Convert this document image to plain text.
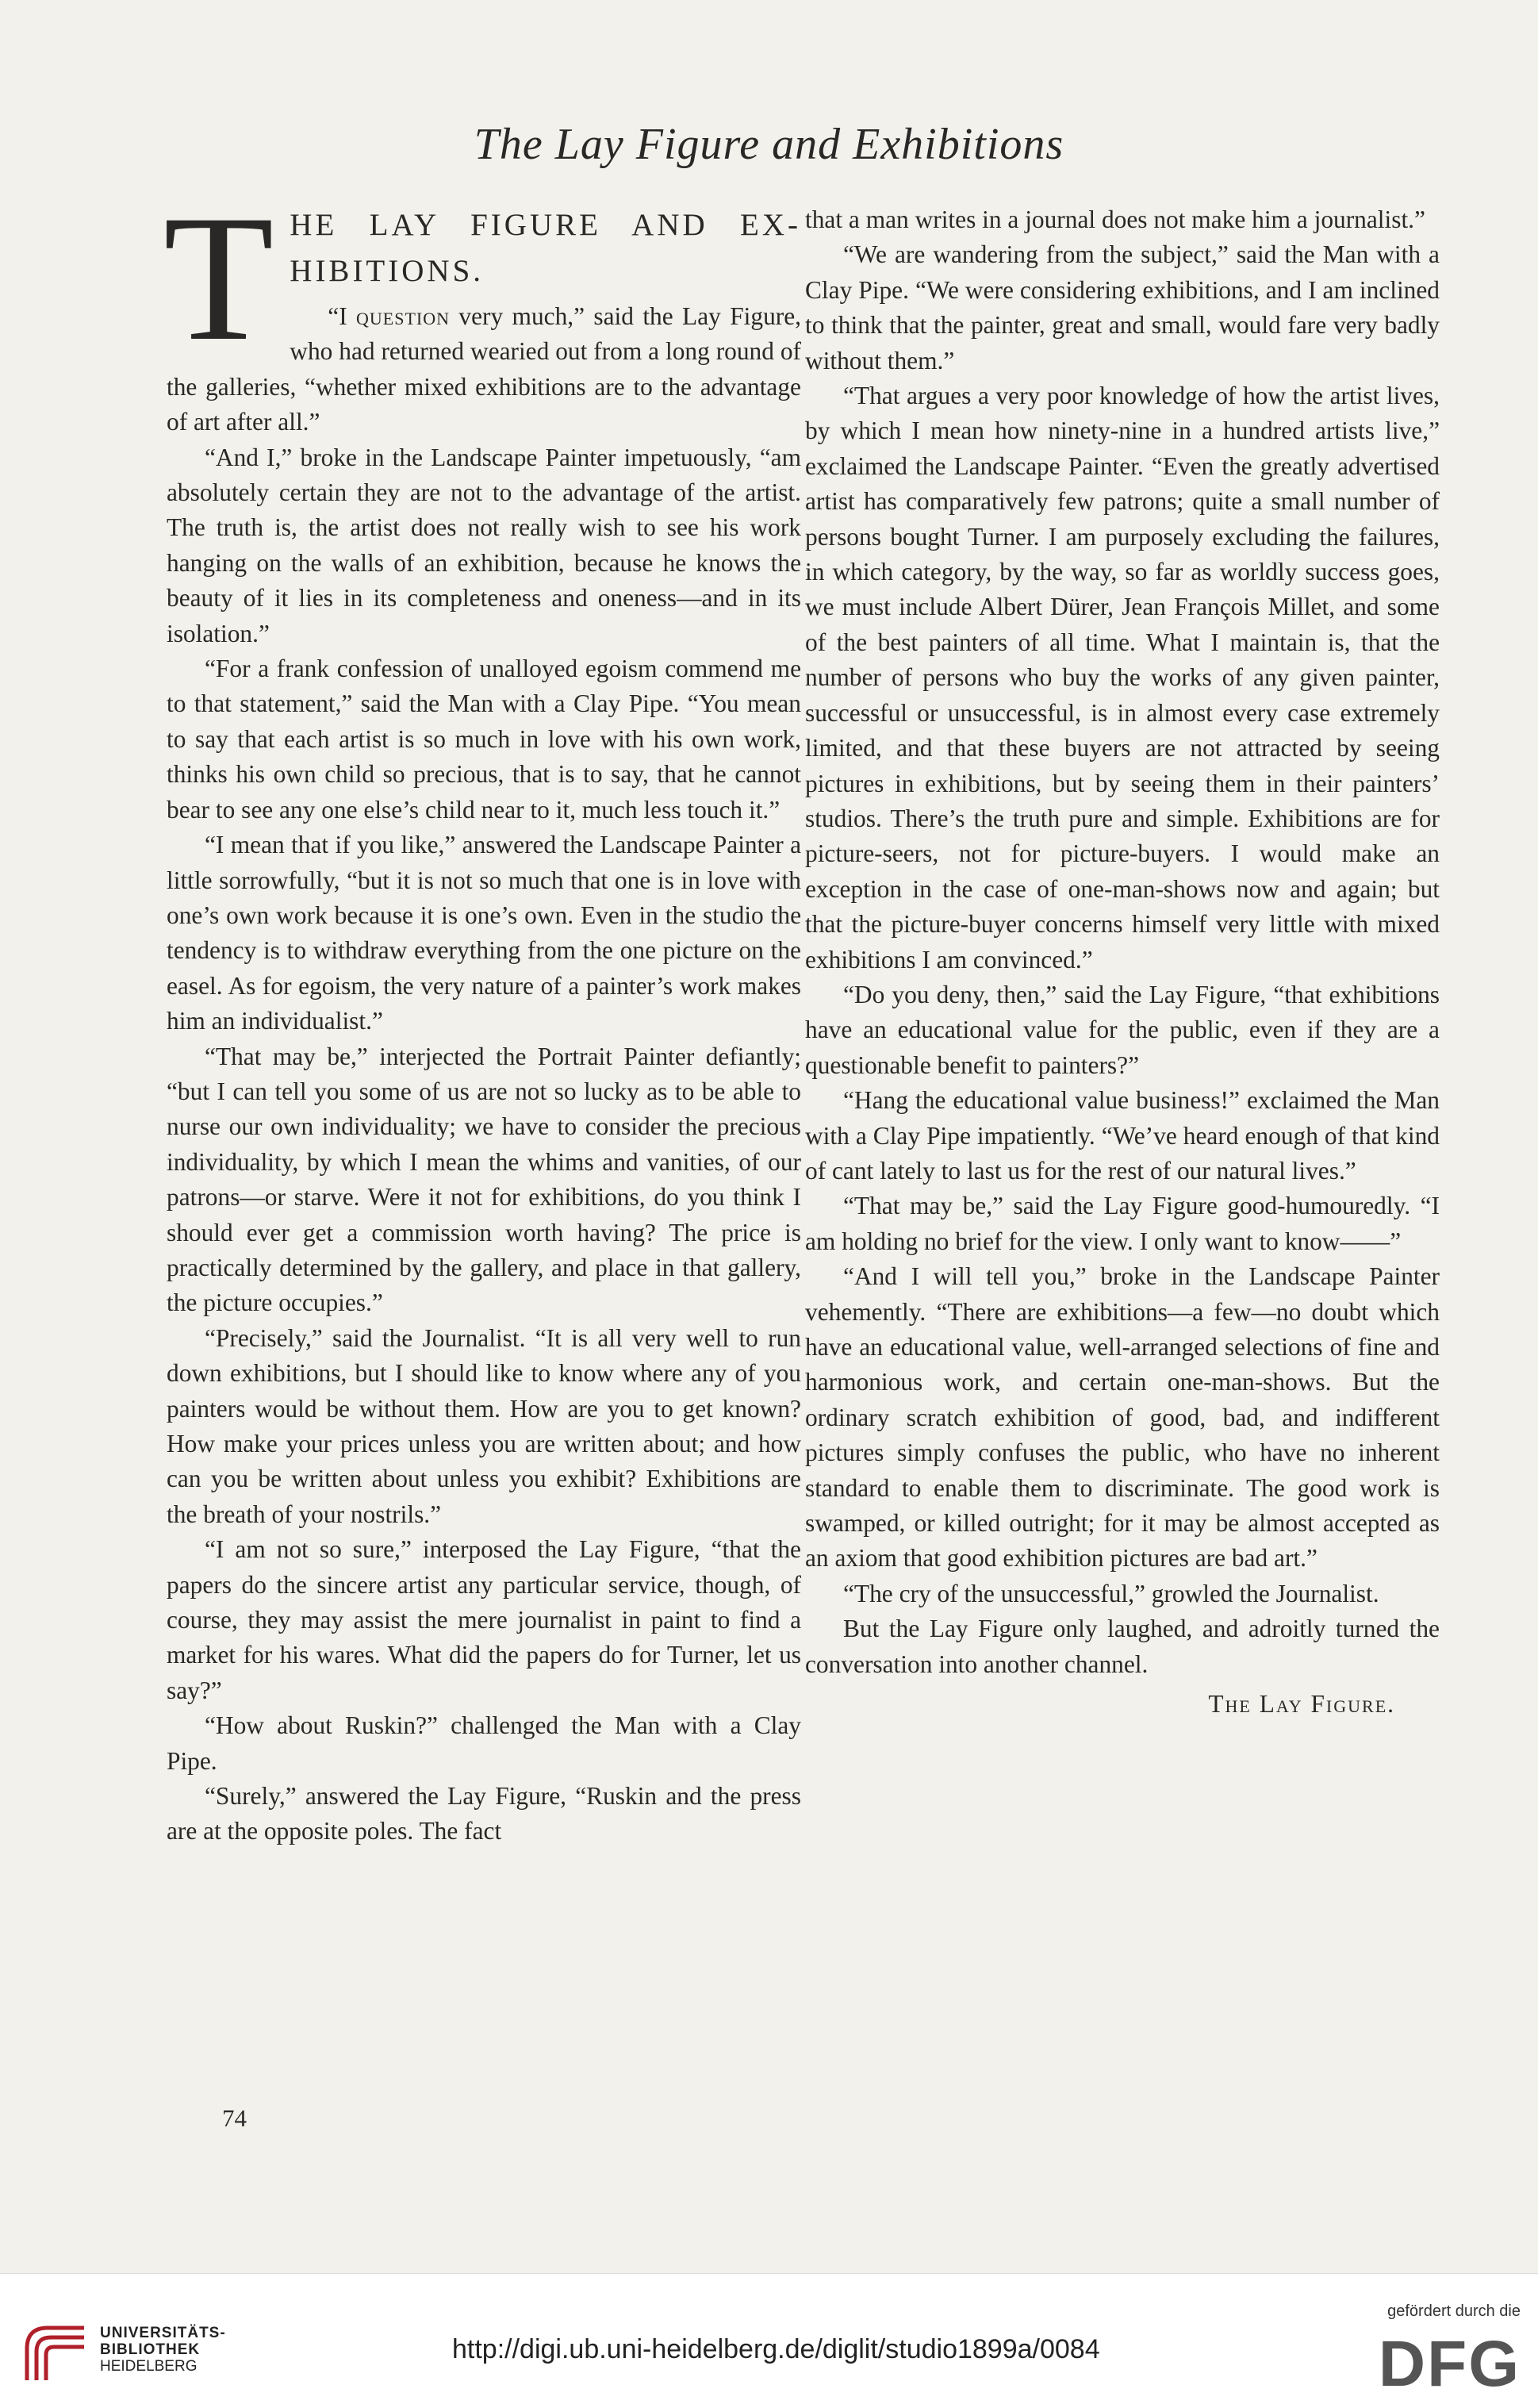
The Lay Figure and Exhibitions
THE LAY FIGURE AND EX-HIBITIONS.

“I question very much,” said the Lay Figure, who had returned wearied out from a long round of the galleries, “whether mixed exhibitions are to the advantage of art after all.”

“And I,” broke in the Landscape Painter impetuously, “am absolutely certain they are not to the advantage of the artist. The truth is, the artist does not really wish to see his work hanging on the walls of an exhibition, because he knows the beauty of it lies in its completeness and oneness—and in its isolation.”

“For a frank confession of unalloyed egoism commend me to that statement,” said the Man with a Clay Pipe. “You mean to say that each artist is so much in love with his own work, thinks his own child so precious, that is to say, that he cannot bear to see any one else’s child near to it, much less touch it.”

“I mean that if you like,” answered the Landscape Painter a little sorrowfully, “but it is not so much that one is in love with one’s own work because it is one’s own. Even in the studio the tendency is to withdraw everything from the one picture on the easel. As for egoism, the very nature of a painter’s work makes him an individualist.”

“That may be,” interjected the Portrait Painter defiantly; “but I can tell you some of us are not so lucky as to be able to nurse our own individuality; we have to consider the precious individuality, by which I mean the whims and vanities, of our patrons—or starve. Were it not for exhibitions, do you think I should ever get a commission worth having? The price is practically determined by the gallery, and place in that gallery, the picture occupies.”

“Precisely,” said the Journalist. “It is all very well to run down exhibitions, but I should like to know where any of you painters would be without them. How are you to get known? How make your prices unless you are written about; and how can you be written about unless you exhibit? Exhibitions are the breath of your nostrils.”

“I am not so sure,” interposed the Lay Figure, “that the papers do the sincere artist any particular service, though, of course, they may assist the mere journalist in paint to find a market for his wares. What did the papers do for Turner, let us say?”

“How about Ruskin?” challenged the Man with a Clay Pipe.

“Surely,” answered the Lay Figure, “Ruskin and the press are at the opposite poles. The fact

that a man writes in a journal does not make him a journalist.”

“We are wandering from the subject,” said the Man with a Clay Pipe. “We were considering exhibitions, and I am inclined to think that the painter, great and small, would fare very badly without them.”

“That argues a very poor knowledge of how the artist lives, by which I mean how ninety-nine in a hundred artists live,” exclaimed the Landscape Painter. “Even the greatly advertised artist has comparatively few patrons; quite a small number of persons bought Turner. I am purposely excluding the failures, in which category, by the way, so far as worldly success goes, we must include Albert Dürer, Jean François Millet, and some of the best painters of all time. What I maintain is, that the number of persons who buy the works of any given painter, successful or unsuccessful, is in almost every case extremely limited, and that these buyers are not attracted by seeing pictures in exhibitions, but by seeing them in their painters’ studios. There’s the truth pure and simple. Exhibitions are for picture-seers, not for picture-buyers. I would make an exception in the case of one-man-shows now and again; but that the picture-buyer concerns himself very little with mixed exhibitions I am convinced.”

“Do you deny, then,” said the Lay Figure, “that exhibitions have an educational value for the public, even if they are a questionable benefit to painters?”

“Hang the educational value business!” exclaimed the Man with a Clay Pipe impatiently. “We’ve heard enough of that kind of cant lately to last us for the rest of our natural lives.”

“That may be,” said the Lay Figure good-humouredly. “I am holding no brief for the view. I only want to know——”

“And I will tell you,” broke in the Landscape Painter vehemently. “There are exhibitions—a few—no doubt which have an educational value, well-arranged selections of fine and harmonious work, and certain one-man-shows. But the ordinary scratch exhibition of good, bad, and indifferent pictures simply confuses the public, who have no inherent standard to enable them to discriminate. The good work is swamped, or killed outright; for it may be almost accepted as an axiom that good exhibition pictures are bad art.”

“The cry of the unsuccessful,” growled the Journalist.

But the Lay Figure only laughed, and adroitly turned the conversation into another channel.

The Lay Figure.
74
UNIVERSITÄTS-
BIBLIOTHEK
HEIDELBERG
http://digi.ub.uni-heidelberg.de/diglit/studio1899a/0084
gefördert durch die
DFG
